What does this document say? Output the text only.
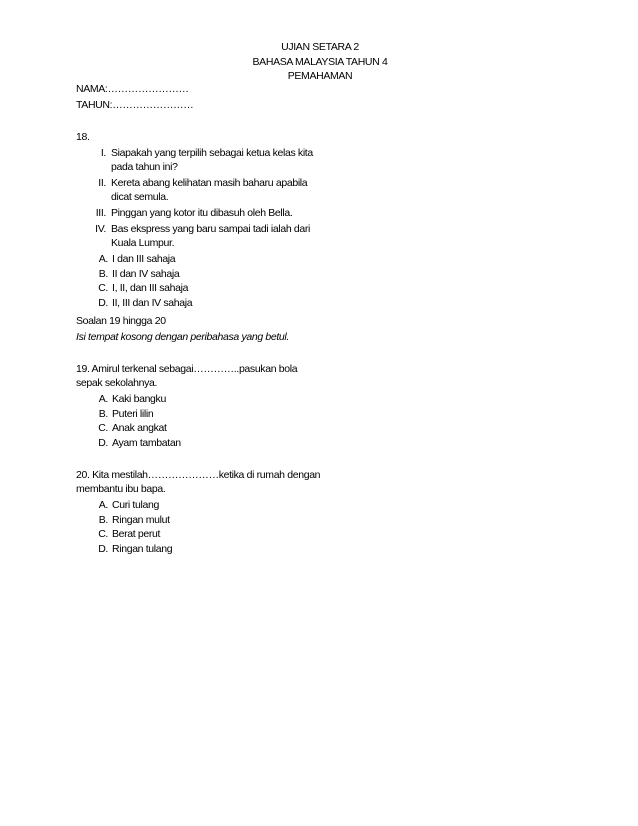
UJIAN SETARA 2
BAHASA MALAYSIA TAHUN 4
PEMAHAMAN
NAMA:……………………
TAHUN:……………………
18.
I. Siapakah yang terpilih sebagai ketua kelas kita pada tahun ini?
II. Kereta abang kelihatan masih baharu apabila dicat semula.
III. Pinggan yang kotor itu dibasuh oleh Bella.
IV. Bas ekspress yang baru sampai tadi ialah dari Kuala Lumpur.
A. I dan III sahaja
B. II dan IV sahaja
C. I, II, dan III sahaja
D. II, III dan IV sahaja
Soalan 19 hingga 20
Isi tempat kosong dengan peribahasa yang betul.
19. Amirul terkenal sebagai…………..pasukan bola sepak sekolahnya.
A. Kaki bangku
B. Puteri lilin
C. Anak angkat
D. Ayam tambatan
20. Kita mestilah…………………ketika di rumah dengan membantu ibu bapa.
A. Curi tulang
B. Ringan mulut
C. Berat perut
D. Ringan tulang
